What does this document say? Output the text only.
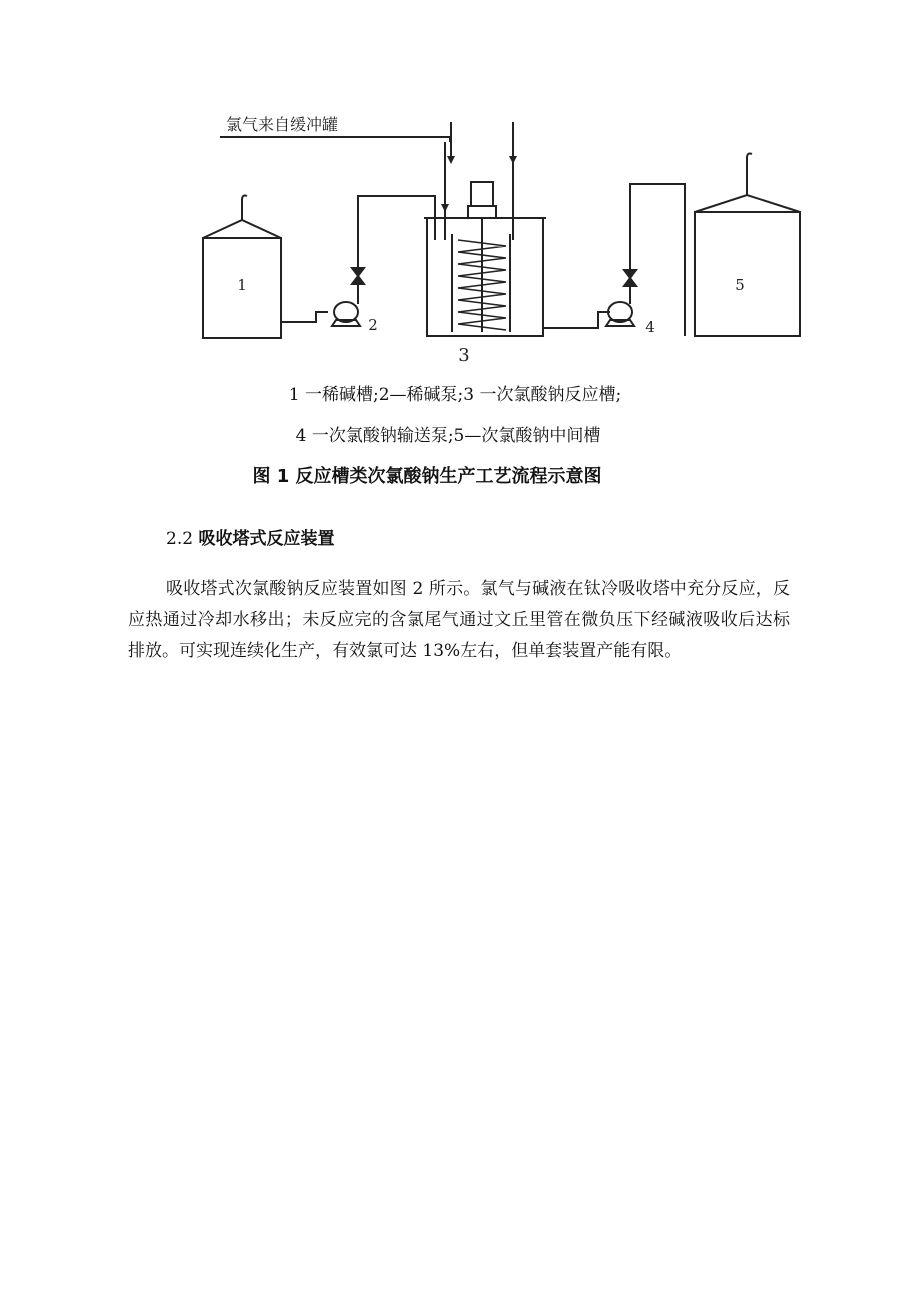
氯气来自缓冲罐
1
2
3
4
5
1 一稀碱槽;2—稀碱泵;3 一次氯酸钠反应槽;
4 一次氯酸钠输送泵;5—次氯酸钠中间槽
图 1 反应槽类次氯酸钠生产工艺流程示意图
2.2 吸收塔式反应装置

吸收塔式次氯酸钠反应装置如图 2 所示。氯气与碱液在钛冷吸收塔中充分反应，反应热通过冷却水移出；未反应完的含氯尾气通过文丘里管在微负压下经碱液吸收后达标排放。可实现连续化生产，有效氯可达 13%左右，但单套装置产能有限。
